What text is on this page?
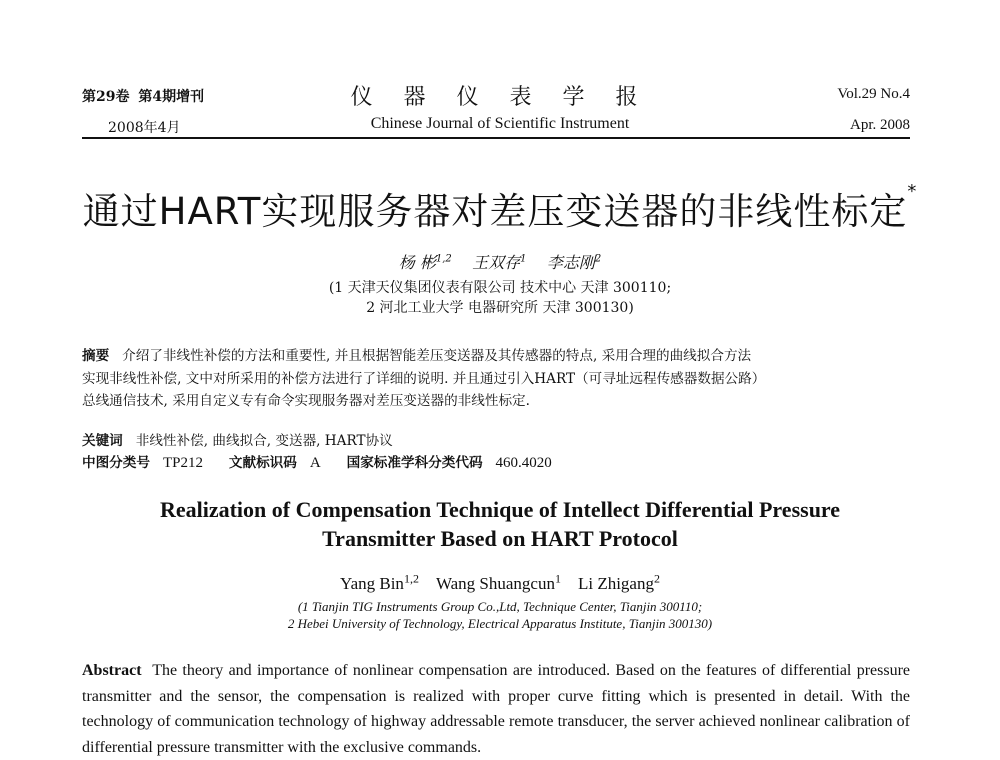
第29卷 第4期增刊
2008年4月
仪 器 仪 表 学 报
Chinese Journal of Scientific Instrument
Vol.29 No.4
Apr. 2008
通过HART实现服务器对差压变送器的非线性标定*
杨 彬$^{1,2}$ 王双存$^1$ 李志刚$^2$
(1 天津天仪集团仪表有限公司 技术中心 天津 300110;
2 河北工业大学 电器研究所 天津 300130)
摘要 介绍了非线性补偿的方法和重要性, 并且根据智能差压变送器及其传感器的特点, 采用合理的曲线拟合方法
实现非线性补偿, 文中对所采用的补偿方法进行了详细的说明. 并且通过引入HART（可寻址远程传感器数据公路）
总线通信技术, 采用自定义专有命令实现服务器对差压变送器的非线性标定.
关键词 非线性补偿, 曲线拟合, 变送器, HART协议
中图分类号 TP212 文献标识码 A 国家标准学科分类代码 460.4020
Realization of Compensation Technique of Intellect Differential Pressure
Transmitter Based on HART Protocol
Yang Bin$^{1,2}$ Wang Shuangcun$^1$ Li Zhigang$^2$
(1 Tianjin TIG Instruments Group Co.,Ltd, Technique Center, Tianjin 300110;
2 Hebei University of Technology, Electrical Apparatus Institute, Tianjin 300130)
Abstract The theory and importance of nonlinear compensation are introduced. Based on the features of differential pressure transmitter and the sensor, the compensation is realized with proper curve fitting which is presented in detail. With the technology of communication technology of highway addressable remote transducer, the server achieved nonlinear calibration of differential pressure transmitter with the exclusive commands.
